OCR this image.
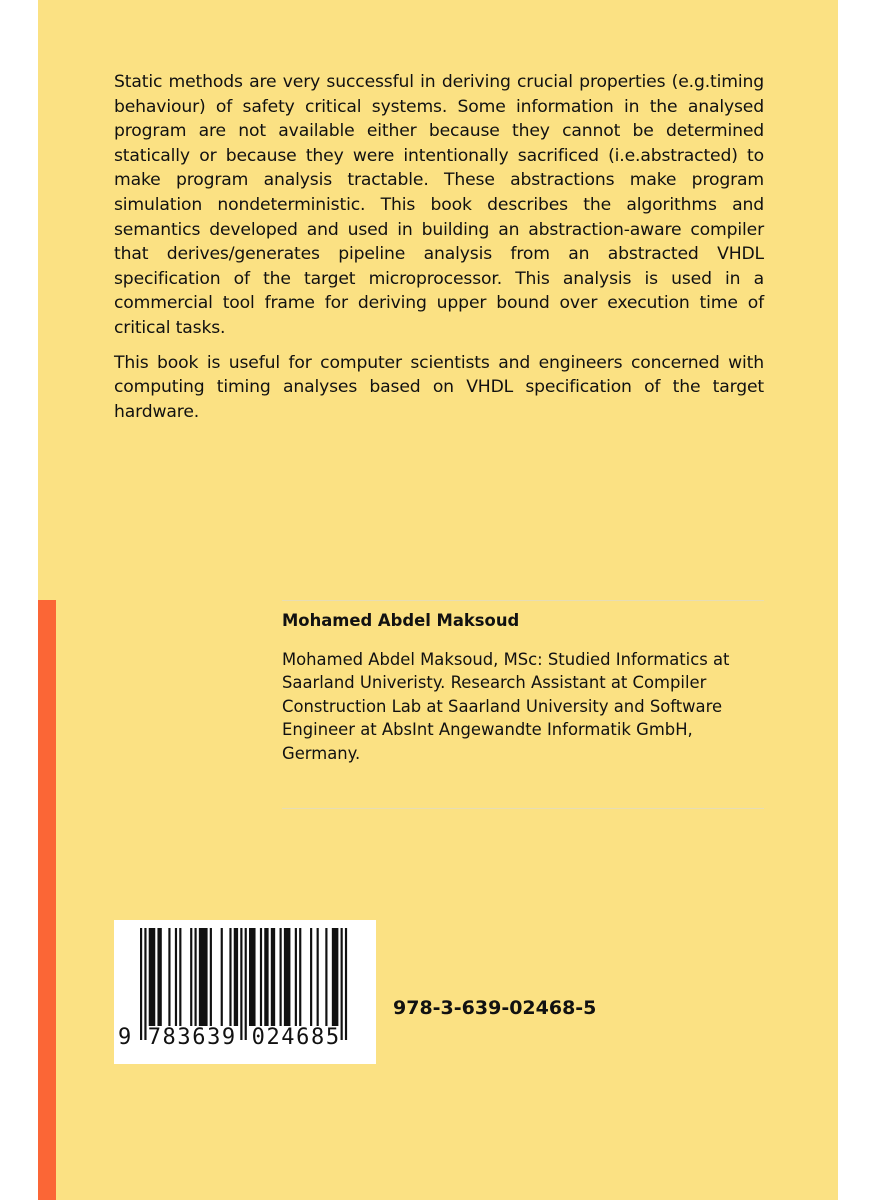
Static methods are very successful in deriving crucial properties (e.g.timing behaviour) of safety critical systems. Some information in the analysed program are not available either because they cannot be determined statically or because they were intentionally sacrificed (i.e.abstracted) to make program analysis tractable. These abstractions make program simulation nondeterministic. This book describes the algorithms and semantics developed and used in building an abstraction-aware compiler that derives/generates pipeline analysis from an abstracted VHDL specification of the target microprocessor. This analysis is used in a commercial tool frame for deriving upper bound over execution time of critical tasks.

This book is useful for computer scientists and engineers concerned with computing timing analyses based on VHDL specification of the target hardware.

Mohamed Abdel Maksoud
Mohamed Abdel Maksoud, MSc: Studied Informatics at Saarland Univeristy. Research Assistant at Compiler Construction Lab at Saarland University and Software Engineer at AbsInt Angewandte Informatik GmbH, Germany.
9 783639 024685
978-3-639-02468-5
